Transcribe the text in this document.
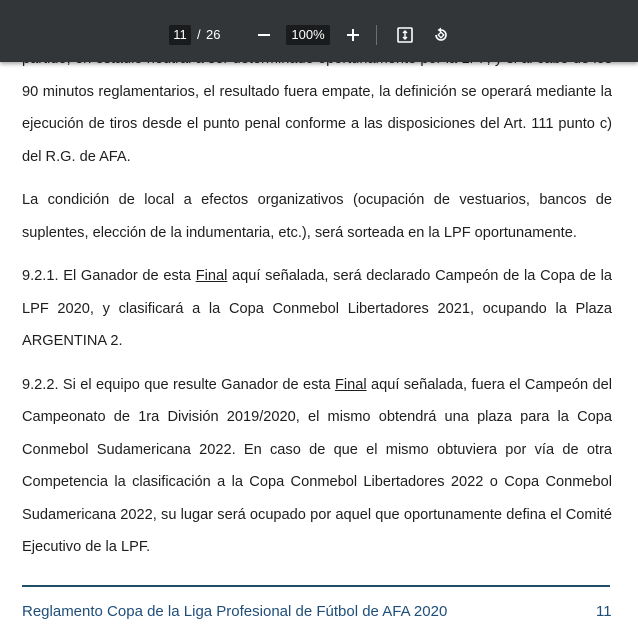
90 minutos reglamentarios, el resultado fuera empate, la definición se operará mediante la ejecución de tiros desde el punto penal conforme a las disposiciones del Art. 111 punto c) del R.G. de AFA.

La condición de local a efectos organizativos (ocupación de vestuarios, bancos de suplentes, elección de la indumentaria, etc.), será sorteada en la LPF oportunamente.

9.2.1. El Ganador de esta Final aquí señalada, será declarado Campeón de la Copa de la LPF 2020, y clasificará a la Copa Conmebol Libertadores 2021, ocupando la Plaza ARGENTINA 2.

9.2.2. Si el equipo que resulte Ganador de esta Final aquí señalada, fuera el Campeón del Campeonato de 1ra División 2019/2020, el mismo obtendrá una plaza para la Copa Conmebol Sudamericana 2022. En caso de que el mismo obtuviera por vía de otra Competencia la clasificación a la Copa Conmebol Libertadores 2022 o Copa Conmebol Sudamericana 2022, su lugar será ocupado por aquel que oportunamente defina el Comité Ejecutivo de la LPF.

Reglamento Copa de la Liga Profesional de Fútbol de AFA 2020	11
11 / 26	100%
